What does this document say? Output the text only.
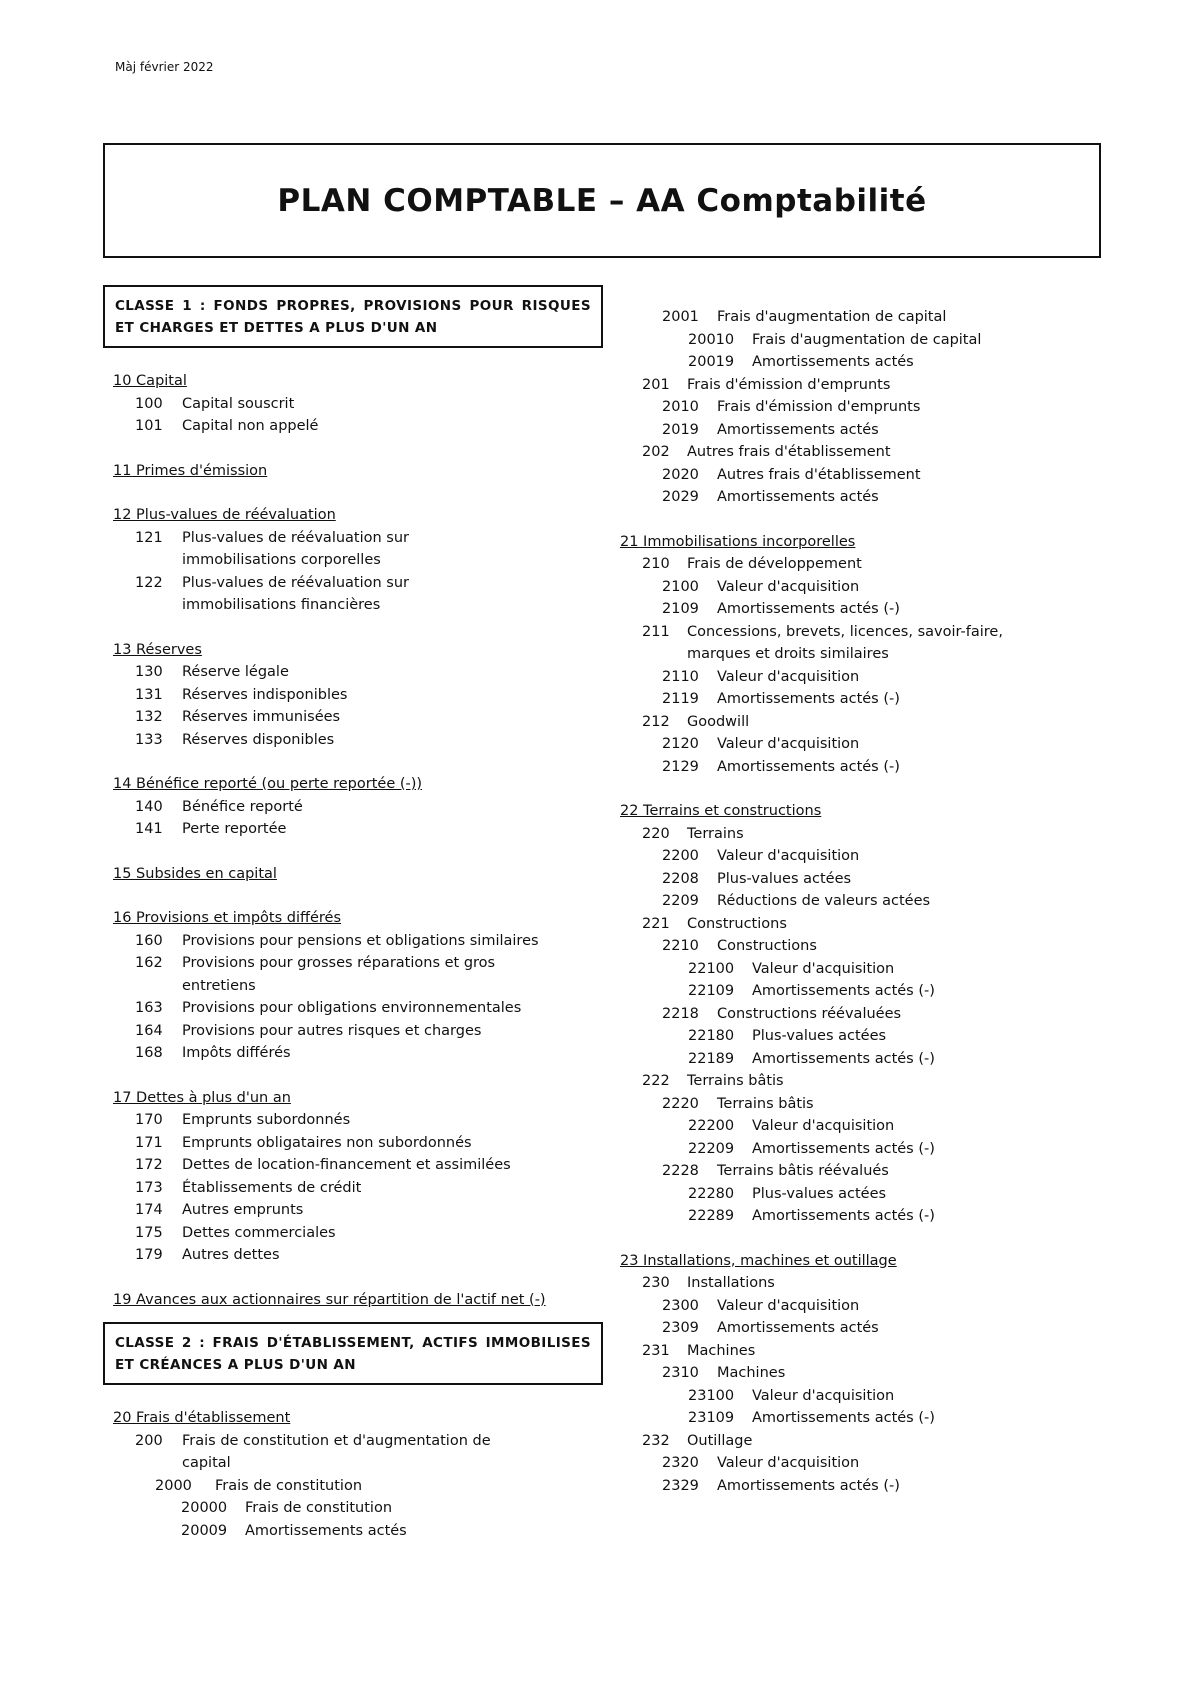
Màj février 2022
PLAN COMPTABLE – AA Comptabilité
CLASSE 1 : FONDS PROPRES, PROVISIONS POUR RISQUES ET CHARGES ET DETTES A PLUS D'UN AN
10 Capital
100	Capital souscrit
101	Capital non appelé
11 Primes d'émission
12 Plus-values de réévaluation
121	Plus-values de réévaluation sur immobilisations corporelles
122	Plus-values de réévaluation sur immobilisations financières
13 Réserves
130	Réserve légale
131	Réserves indisponibles
132	Réserves immunisées
133	Réserves disponibles
14 Bénéfice reporté (ou perte reportée (-))
140	Bénéfice reporté
141	Perte reportée
15 Subsides en capital
16 Provisions et impôts différés
160	Provisions pour pensions et obligations similaires
162	Provisions pour grosses réparations et gros entretiens
163	Provisions pour obligations environnementales
164	Provisions pour autres risques et charges
168	Impôts différés
17 Dettes à plus d'un an
170	Emprunts subordonnés
171	Emprunts obligataires non subordonnés
172	Dettes de location-financement et assimilées
173	Établissements de crédit
174	Autres emprunts
175	Dettes commerciales
179	Autres dettes
19 Avances aux actionnaires sur répartition de l'actif net (-)
CLASSE 2 : FRAIS D'ÉTABLISSEMENT, ACTIFS IMMOBILISES ET CRÉANCES A PLUS D'UN AN
20 Frais d'établissement
200	Frais de constitution et d'augmentation de capital
2000	Frais de constitution
20000	Frais de constitution
20009	Amortissements actés
2001	Frais d'augmentation de capital
20010	Frais d'augmentation de capital
20019	Amortissements actés
201	Frais d'émission d'emprunts
2010	Frais d'émission d'emprunts
2019	Amortissements actés
202	Autres frais d'établissement
2020	Autres frais d'établissement
2029	Amortissements actés
21 Immobilisations incorporelles
210	Frais de développement
2100	Valeur d'acquisition
2109	Amortissements actés (-)
211	Concessions, brevets, licences, savoir-faire, marques et droits similaires
2110	Valeur d'acquisition
2119	Amortissements actés (-)
212	Goodwill
2120	Valeur d'acquisition
2129	Amortissements actés (-)
22 Terrains et constructions
220	Terrains
2200	Valeur d'acquisition
2208	Plus-values actées
2209	Réductions de valeurs actées
221	Constructions
2210	Constructions
22100	Valeur d'acquisition
22109	Amortissements actés (-)
2218	Constructions réévaluées
22180	Plus-values actées
22189	Amortissements actés (-)
222	Terrains bâtis
2220	Terrains bâtis
22200	Valeur d'acquisition
22209	Amortissements actés (-)
2228	Terrains bâtis réévalués
22280	Plus-values actées
22289	Amortissements actés (-)
23 Installations, machines et outillage
230	Installations
2300	Valeur d'acquisition
2309	Amortissements actés
231	Machines
2310	Machines
23100	Valeur d'acquisition
23109	Amortissements actés (-)
232	Outillage
2320	Valeur d'acquisition
2329	Amortissements actés (-)
